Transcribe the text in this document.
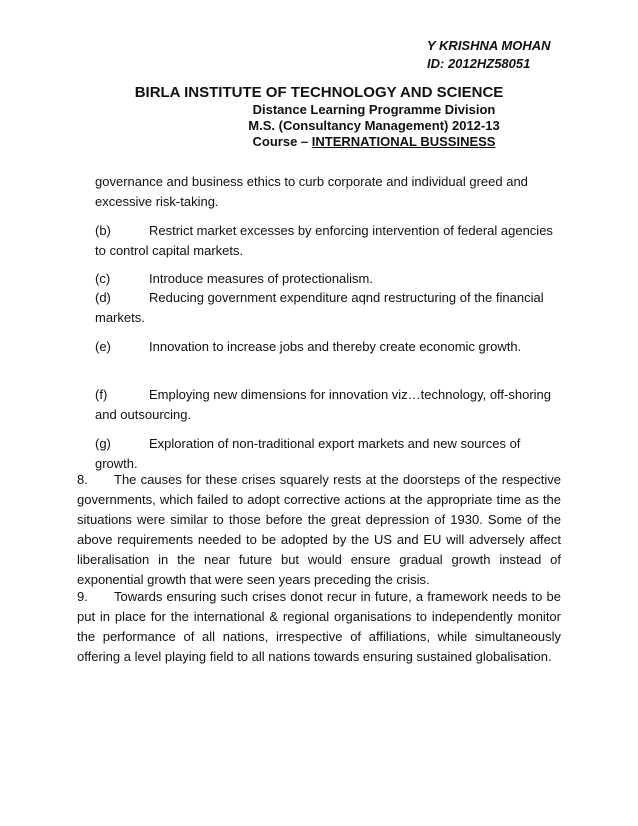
Y KRISHNA MOHAN
ID: 2012HZ58051
BIRLA INSTITUTE OF TECHNOLOGY AND SCIENCE
Distance Learning Programme Division
M.S. (Consultancy Management) 2012-13
Course – INTERNATIONAL BUSSINESS
governance and business ethics to curb corporate and individual greed and excessive risk-taking.
(b)	Restrict market excesses by enforcing intervention of federal agencies to control capital markets.
(c)	Introduce measures of protectionalism.
(d)	Reducing government expenditure aqnd restructuring of the financial markets.
(e)	Innovation to increase jobs and thereby create economic growth.
(f)	Employing new dimensions for innovation viz…technology, off-shoring and outsourcing.
(g)	Exploration of non-traditional export markets and new sources of growth.
8. The causes for these crises squarely rests at the doorsteps of the respective governments, which failed to adopt corrective actions at the appropriate time as the situations were similar to those before the great depression of 1930. Some of the above requirements needed to be adopted by the US and EU will adversely affect liberalisation in the near future but would ensure gradual growth instead of exponential growth that were seen years preceding the crisis.
9. Towards ensuring such crises donot recur in future, a framework needs to be put in place for the international & regional organisations to independently monitor the performance of all nations, irrespective of affiliations, while simultaneously offering a level playing field to all nations towards ensuring sustained globalisation.
